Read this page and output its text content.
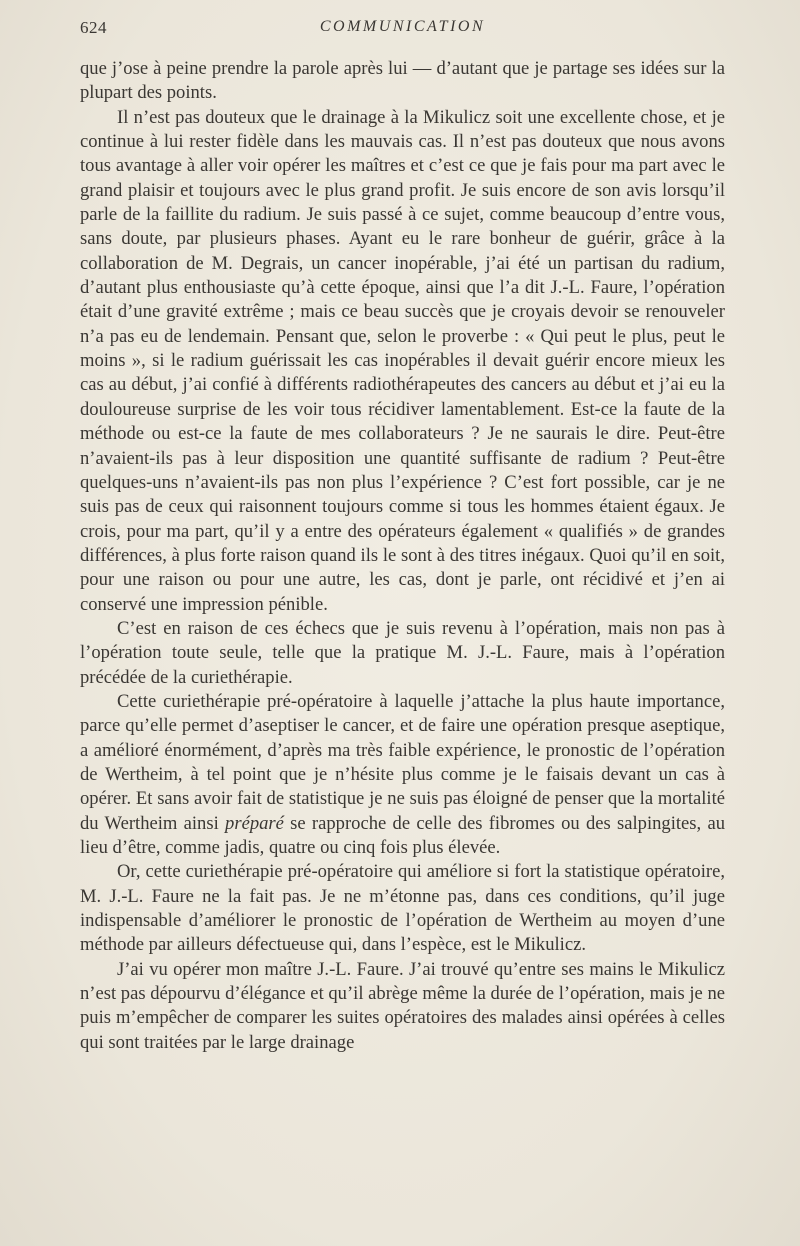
624	COMMUNICATION

que j’ose à peine prendre la parole après lui — d’autant que je partage ses idées sur la plupart des points.

Il n’est pas douteux que le drainage à la Mikulicz soit une excellente chose, et je continue à lui rester fidèle dans les mauvais cas. Il n’est pas douteux que nous avons tous avantage à aller voir opérer les maîtres et c’est ce que je fais pour ma part avec le grand plaisir et toujours avec le plus grand profit. Je suis encore de son avis lorsqu’il parle de la faillite du radium. Je suis passé à ce sujet, comme beaucoup d’entre vous, sans doute, par plusieurs phases. Ayant eu le rare bonheur de guérir, grâce à la collaboration de M. Degrais, un cancer inopérable, j’ai été un partisan du radium, d’autant plus enthousiaste qu’à cette époque, ainsi que l’a dit J.-L. Faure, l’opération était d’une gravité extrême ; mais ce beau succès que je croyais devoir se renouveler n’a pas eu de lendemain. Pensant que, selon le proverbe : « Qui peut le plus, peut le moins », si le radium guérissait les cas inopérables il devait guérir encore mieux les cas au début, j’ai confié à différents radiothérapeutes des cancers au début et j’ai eu la douloureuse surprise de les voir tous récidiver lamentablement. Est-ce la faute de la méthode ou est-ce la faute de mes collaborateurs ? Je ne saurais le dire. Peut-être n’avaient-ils pas à leur disposition une quantité suffisante de radium ? Peut-être quelques-uns n’avaient-ils pas non plus l’expérience ? C’est fort possible, car je ne suis pas de ceux qui raisonnent toujours comme si tous les hommes étaient égaux. Je crois, pour ma part, qu’il y a entre des opérateurs également « qualifiés » de grandes différences, à plus forte raison quand ils le sont à des titres inégaux. Quoi qu’il en soit, pour une raison ou pour une autre, les cas, dont je parle, ont récidivé et j’en ai conservé une impression pénible.

C’est en raison de ces échecs que je suis revenu à l’opération, mais non pas à l’opération toute seule, telle que la pratique M. J.-L. Faure, mais à l’opération précédée de la curiethérapie.

Cette curiethérapie pré-opératoire à laquelle j’attache la plus haute importance, parce qu’elle permet d’aseptiser le cancer, et de faire une opération presque aseptique, a amélioré énormément, d’après ma très faible expérience, le pronostic de l’opération de Wertheim, à tel point que je n’hésite plus comme je le faisais devant un cas à opérer. Et sans avoir fait de statistique je ne suis pas éloigné de penser que la mortalité du Wertheim ainsi préparé se rapproche de celle des fibromes ou des salpingites, au lieu d’être, comme jadis, quatre ou cinq fois plus élevée.

Or, cette curiethérapie pré-opératoire qui améliore si fort la statistique opératoire, M. J.-L. Faure ne la fait pas. Je ne m’étonne pas, dans ces conditions, qu’il juge indispensable d’améliorer le pronostic de l’opération de Wertheim au moyen d’une méthode par ailleurs défectueuse qui, dans l’espèce, est le Mikulicz.

J’ai vu opérer mon maître J.-L. Faure. J’ai trouvé qu’entre ses mains le Mikulicz n’est pas dépourvu d’élégance et qu’il abrège même la durée de l’opération, mais je ne puis m’empêcher de comparer les suites opératoires des malades ainsi opérées à celles qui sont traitées par le large drainage
